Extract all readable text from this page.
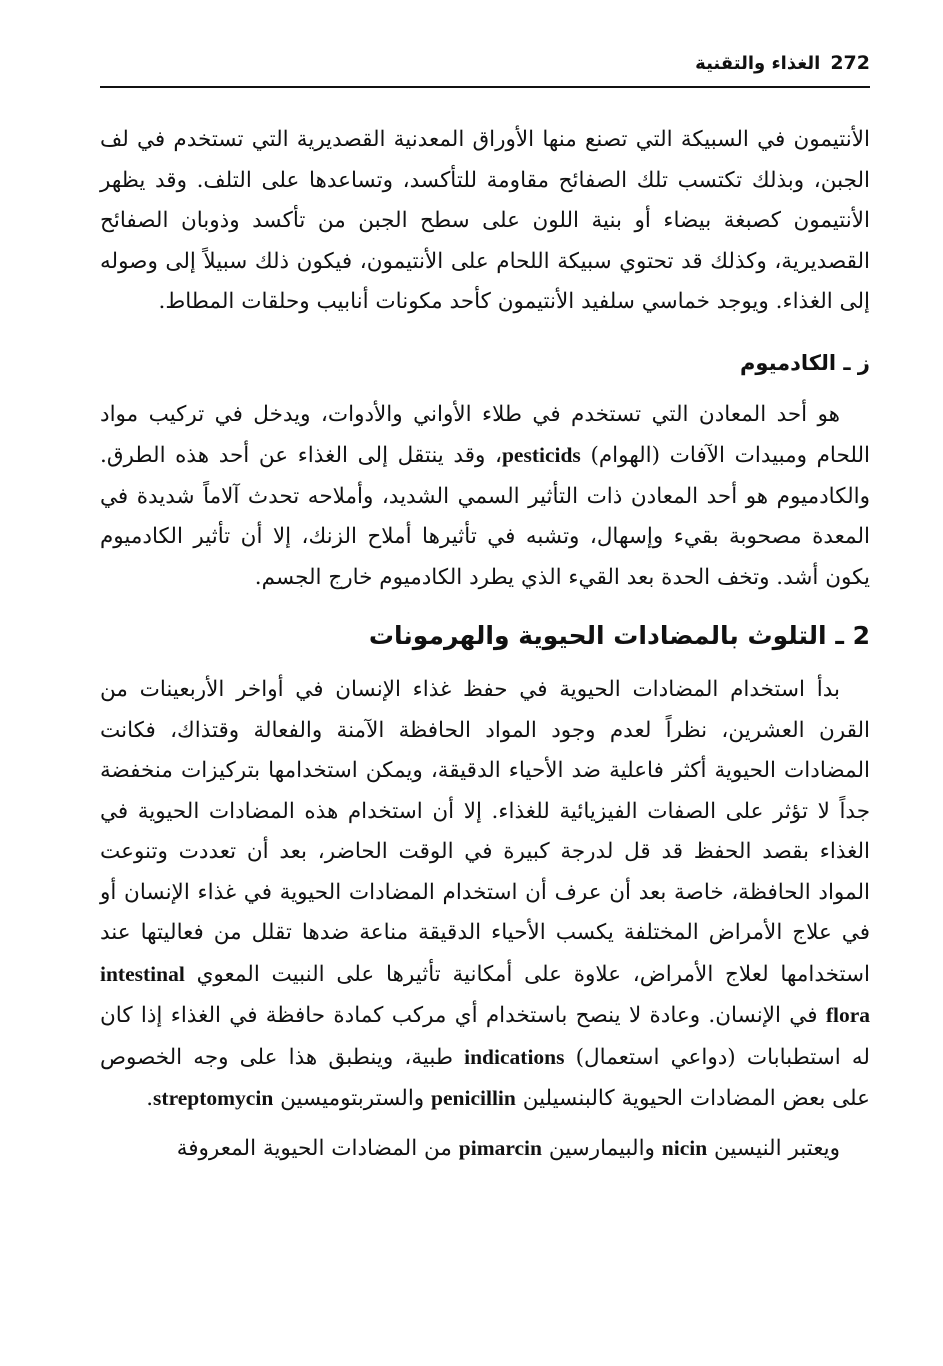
272
الغذاء والتقنية

الأنتيمون في السبيكة التي تصنع منها الأوراق المعدنية القصديرية التي تستخدم في لف الجبن، وبذلك تكتسب تلك الصفائح مقاومة للتأكسد، وتساعدها على التلف. وقد يظهر الأنتيمون كصبغة بيضاء أو بنية اللون على سطح الجبن من تأكسد وذوبان الصفائح القصديرية، وكذلك قد تحتوي سبيكة اللحام على الأنتيمون، فيكون ذلك سبيلاً إلى وصوله إلى الغذاء. ويوجد خماسي سلفيد الأنتيمون كأحد مكونات أنابيب وحلقات المطاط.

ز ـ الكادميوم

هو أحد المعادن التي تستخدم في طلاء الأواني والأدوات، ويدخل في تركيب مواد اللحام ومبيدات الآفات (الهوام) pesticids، وقد ينتقل إلى الغذاء عن أحد هذه الطرق. والكادميوم هو أحد المعادن ذات التأثير السمي الشديد، وأملاحه تحدث آلاماً شديدة في المعدة مصحوبة بقيء وإسهال، وتشبه في تأثيرها أملاح الزنك، إلا أن تأثير الكادميوم يكون أشد. وتخف الحدة بعد القيء الذي يطرد الكادميوم خارج الجسم.

2 ـ التلوث بالمضادات الحيوية والهرمونات

بدأ استخدام المضادات الحيوية في حفظ غذاء الإنسان في أواخر الأربعينات من القرن العشرين، نظراً لعدم وجود المواد الحافظة الآمنة والفعالة وقتذاك، فكانت المضادات الحيوية أكثر فاعلية ضد الأحياء الدقيقة، ويمكن استخدامها بتركيزات منخفضة جداً لا تؤثر على الصفات الفيزيائية للغذاء. إلا أن استخدام هذه المضادات الحيوية في الغذاء بقصد الحفظ قد قل لدرجة كبيرة في الوقت الحاضر، بعد أن تعددت وتنوعت المواد الحافظة، خاصة بعد أن عرف أن استخدام المضادات الحيوية في غذاء الإنسان أو في علاج الأمراض المختلفة يكسب الأحياء الدقيقة مناعة ضدها تقلل من فعاليتها عند استخدامها لعلاج الأمراض، علاوة على أمكانية تأثيرها على النبيت المعوي intestinal flora في الإنسان. وعادة لا ينصح باستخدام أي مركب كمادة حافظة في الغذاء إذا كان له استطبابات (دواعي استعمال) indications طبية، وينطبق هذا على وجه الخصوص على بعض المضادات الحيوية كالبنسيلين penicillin والستربتوميسين streptomycin.

ويعتبر النيسين nicin والبيمارسين pimarcin من المضادات الحيوية المعروفة
